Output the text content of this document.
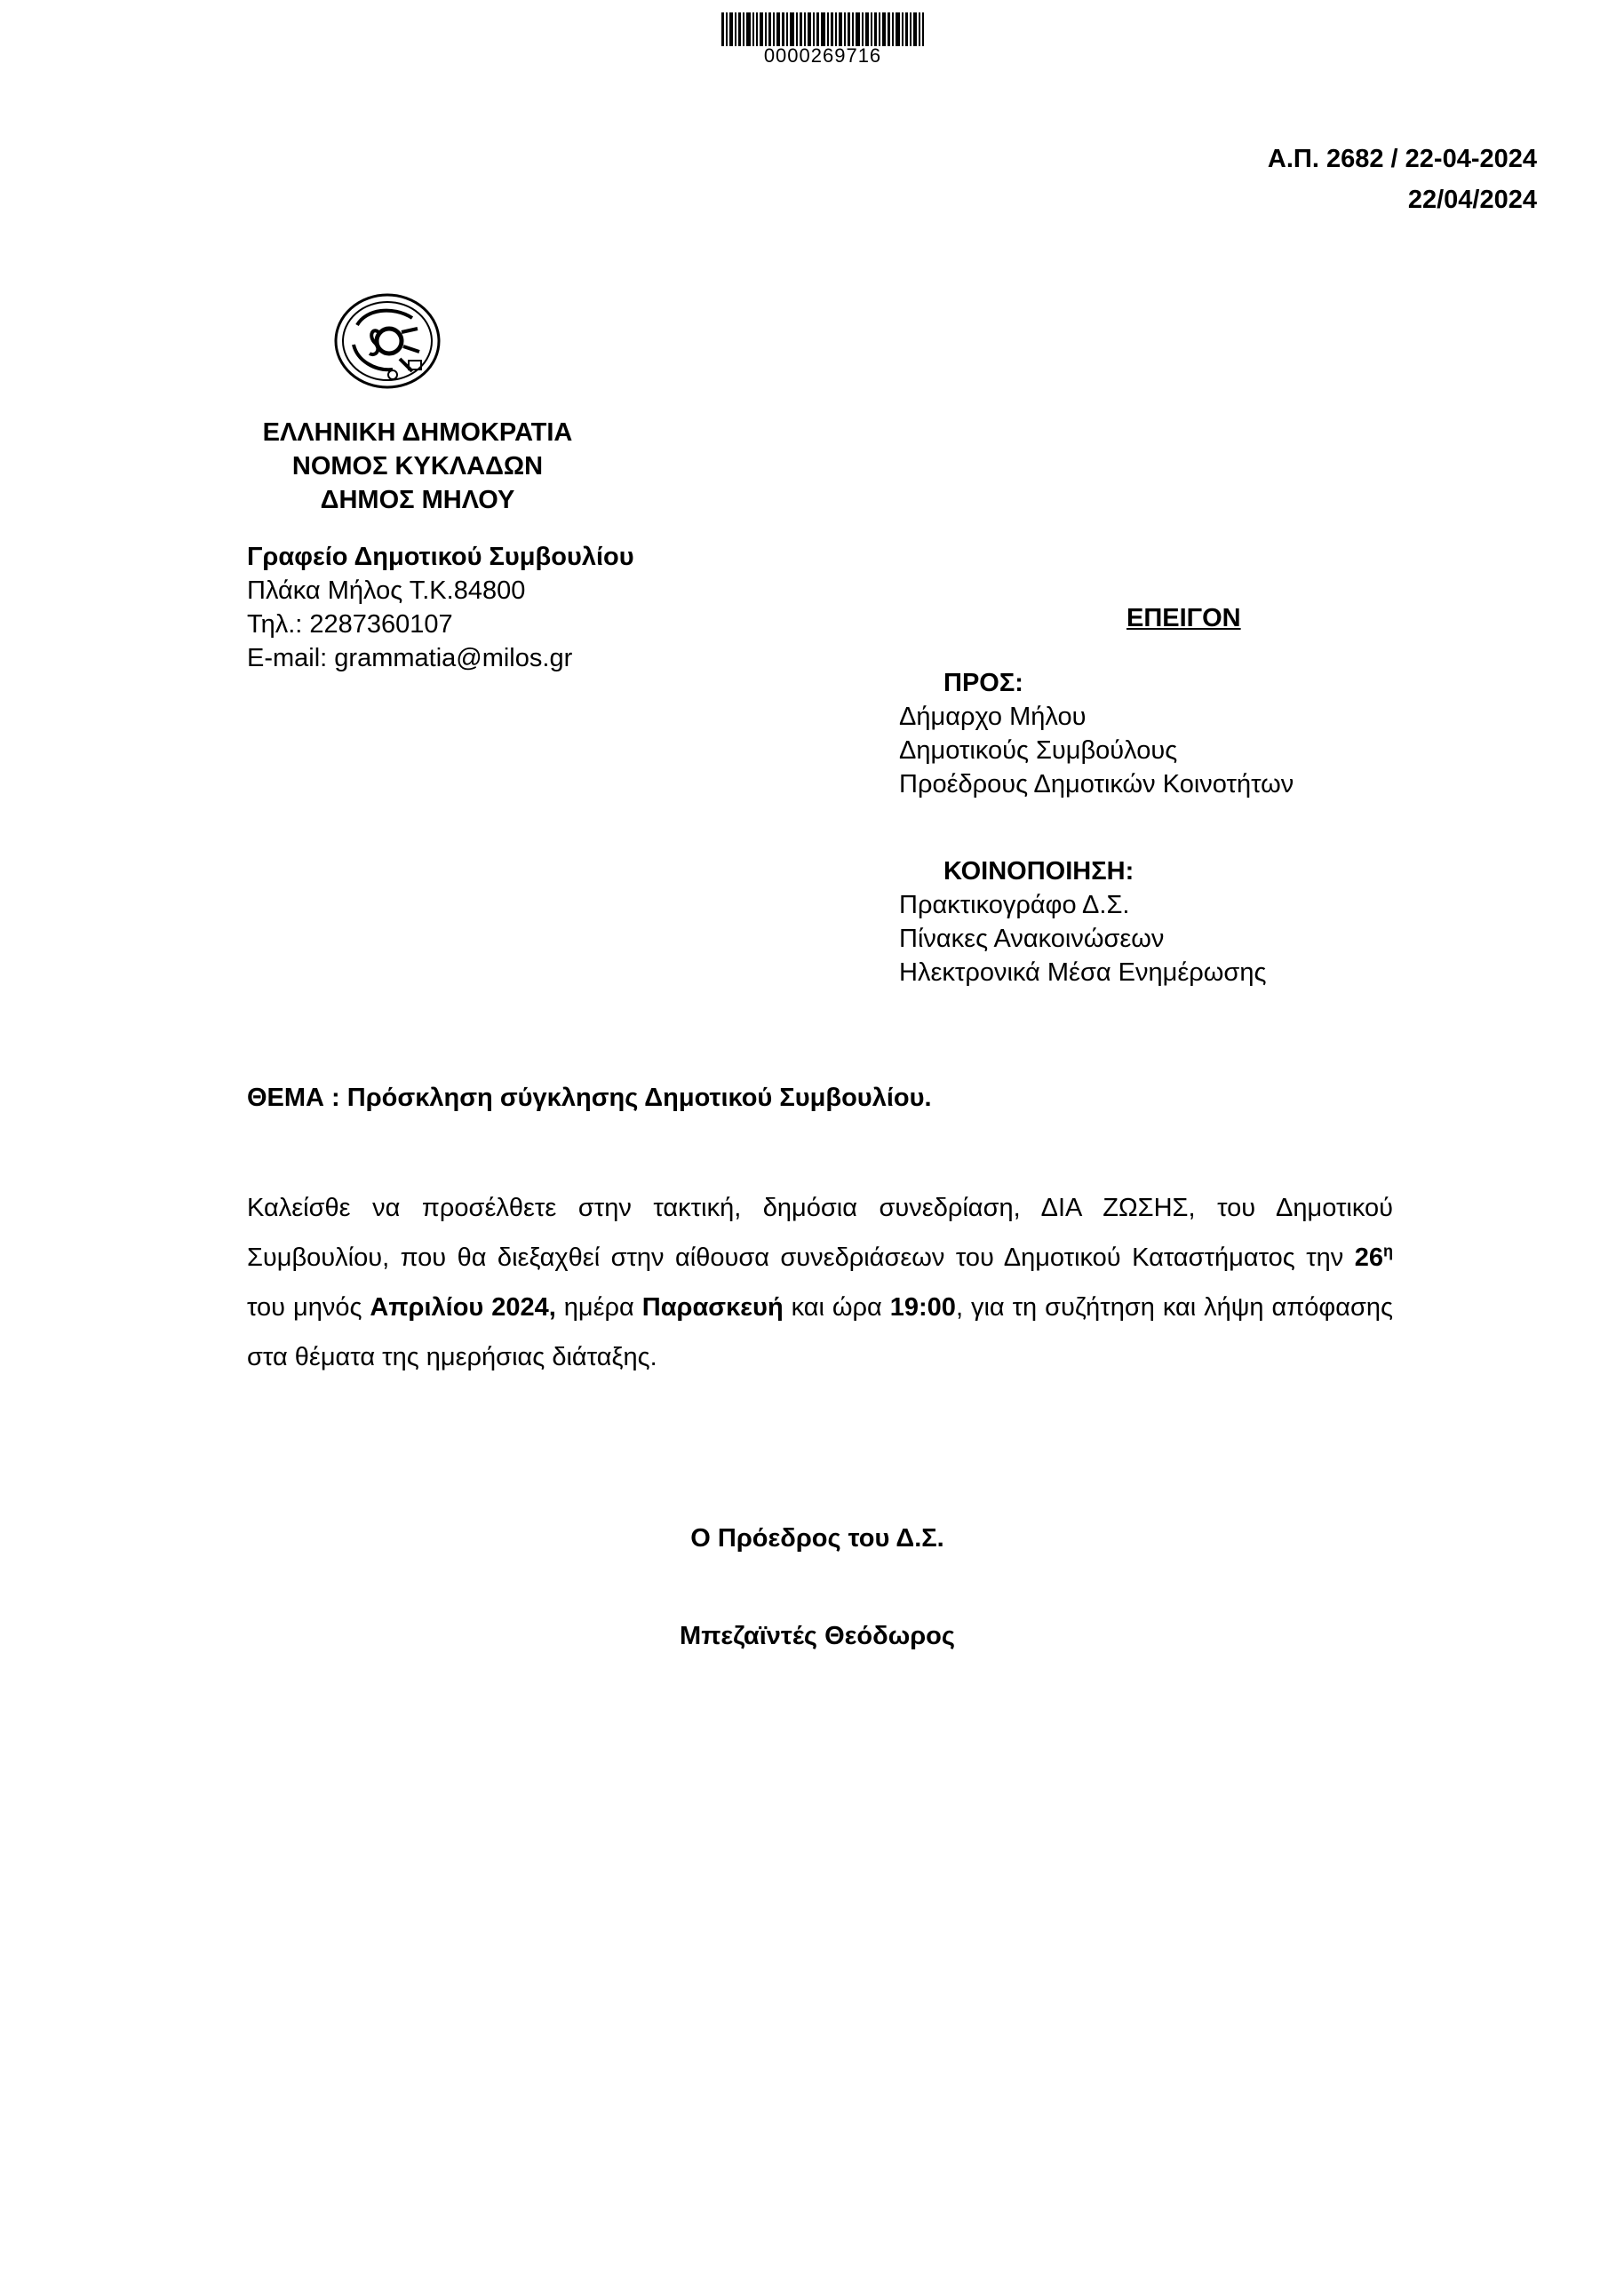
0000269716
Α.Π. 2682 / 22-04-2024
22/04/2024
ΕΛΛΗΝΙΚΗ ΔΗΜΟΚΡΑΤΙΑ
ΝΟΜΟΣ ΚΥΚΛΑΔΩΝ
ΔΗΜΟΣ ΜΗΛΟΥ
Γραφείο Δημοτικού Συμβουλίου
Πλάκα Μήλος Τ.Κ.84800
Τηλ.: 2287360107
E-mail: grammatia@milos.gr
ΕΠΕΙΓΟΝ
ΠΡΟΣ:
Δήμαρχο Μήλου
Δημοτικούς Συμβούλους
Προέδρους Δημοτικών Κοινοτήτων
ΚΟΙΝΟΠΟΙΗΣΗ:
Πρακτικογράφο Δ.Σ.
Πίνακες Ανακοινώσεων
Ηλεκτρονικά Μέσα Ενημέρωσης
ΘΕΜΑ : Πρόσκληση σύγκλησης Δημοτικού Συμβουλίου.
Καλείσθε να προσέλθετε στην τακτική, δημόσια συνεδρίαση, ΔΙΑ ΖΩΣΗΣ, του Δημοτικού Συμβουλίου, που θα διεξαχθεί στην αίθουσα συνεδριάσεων του Δημοτικού Καταστήματος την $26^\eta$ του μηνός Απριλίου 2024, ημέρα Παρασκευή και ώρα 19:00, για τη συζήτηση και λήψη απόφασης στα θέματα της ημερήσιας διάταξης.
Ο Πρόεδρος του Δ.Σ.
Μπεζαϊντές Θεόδωρος
